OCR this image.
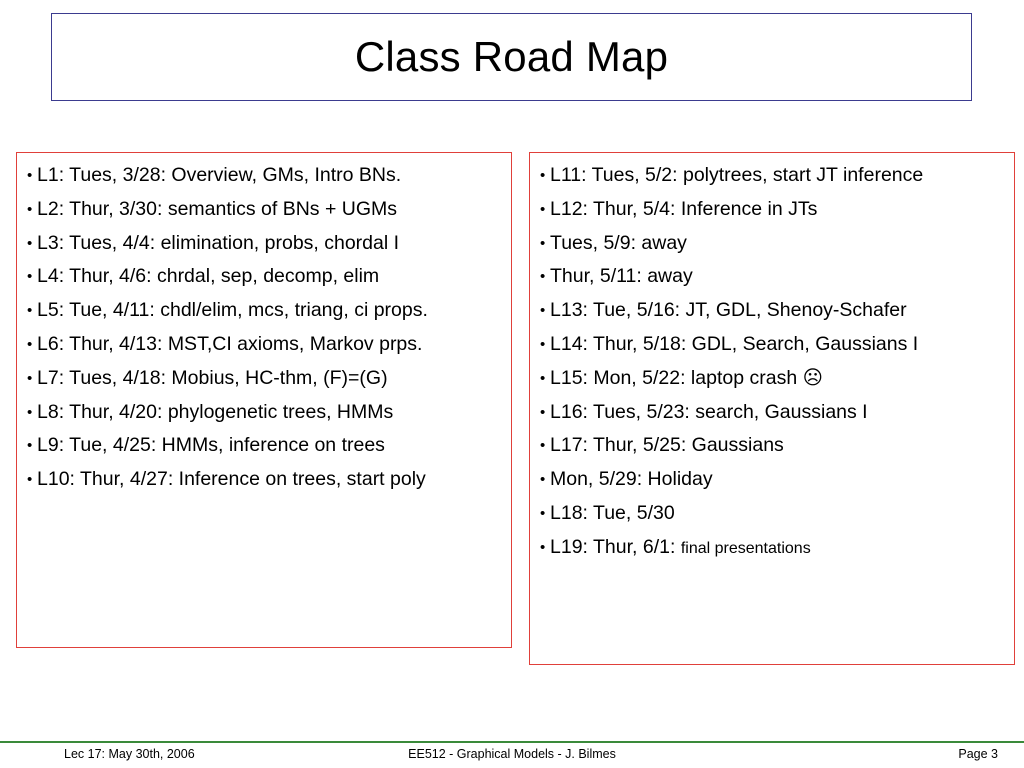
Class Road Map
• L1: Tues, 3/28: Overview, GMs, Intro BNs.
• L2: Thur, 3/30: semantics of BNs + UGMs
• L3: Tues, 4/4: elimination, probs, chordal I
• L4: Thur, 4/6: chrdal, sep, decomp, elim
• L5: Tue, 4/11: chdl/elim, mcs, triang, ci props.
• L6: Thur, 4/13: MST,CI axioms, Markov prps.
• L7: Tues, 4/18: Mobius, HC-thm, (F)=(G)
• L8: Thur, 4/20: phylogenetic trees, HMMs
• L9: Tue, 4/25: HMMs, inference on trees
• L10: Thur, 4/27: Inference on trees, start poly
• L11: Tues, 5/2: polytrees, start JT inference
• L12: Thur, 5/4: Inference in JTs
• Tues, 5/9: away
• Thur, 5/11: away
• L13: Tue, 5/16: JT, GDL, Shenoy-Schafer
• L14: Thur, 5/18: GDL, Search, Gaussians I
• L15: Mon, 5/22: laptop crash ☹
• L16: Tues, 5/23: search, Gaussians I
• L17: Thur, 5/25: Gaussians
• Mon, 5/29: Holiday
• L18: Tue, 5/30
• L19: Thur, 6/1: final presentations
Lec 17: May 30th, 2006	EE512 - Graphical Models - J. Bilmes	Page 3
